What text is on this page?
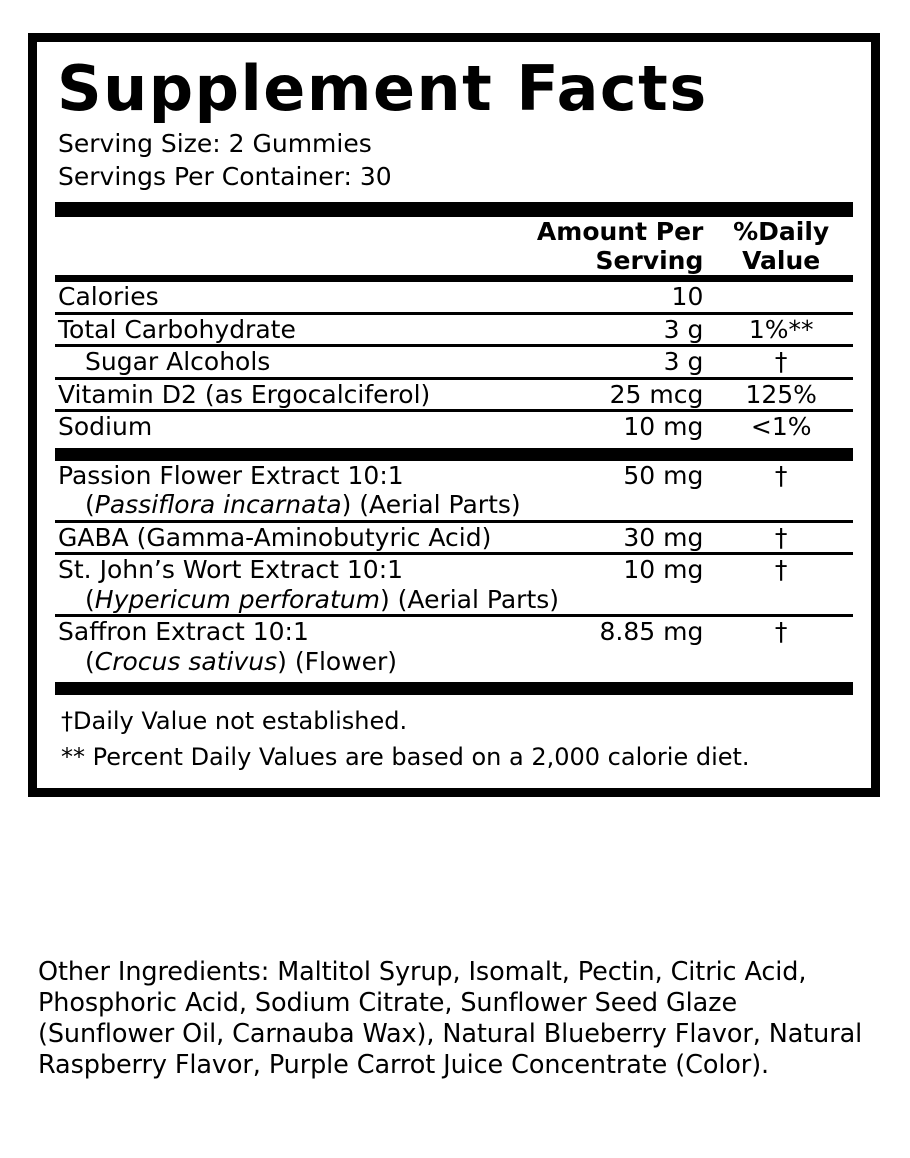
Supplement Facts
Serving Size: 2 Gummies
Servings Per Container: 30
	Amount Per Serving	%Daily Value

Calories	10	

Total Carbohydrate	3 g	1%**

Sugar Alcohols	3 g	†

Vitamin D2 (as Ergocalciferol)	25 mcg	125%

Sodium	10 mg	<1%

Passion Flower Extract 10:1
(Passiflora incarnata) (Aerial Parts)	50 mg	†

GABA (Gamma-Aminobutyric Acid)	30 mg	†

St. John’s Wort Extract 10:1
(Hypericum perforatum) (Aerial Parts)	10 mg	†

Saffron Extract 10:1
(Crocus sativus) (Flower)	8.85 mg	†

†Daily Value not established.
** Percent Daily Values are based on a 2,000 calorie diet.
Other Ingredients: Maltitol Syrup, Isomalt, Pectin, Citric Acid, Phosphoric Acid, Sodium Citrate, Sunflower Seed Glaze (Sunflower Oil, Carnauba Wax), Natural Blueberry Flavor, Natural Raspberry Flavor, Purple Carrot Juice Concentrate (Color).
